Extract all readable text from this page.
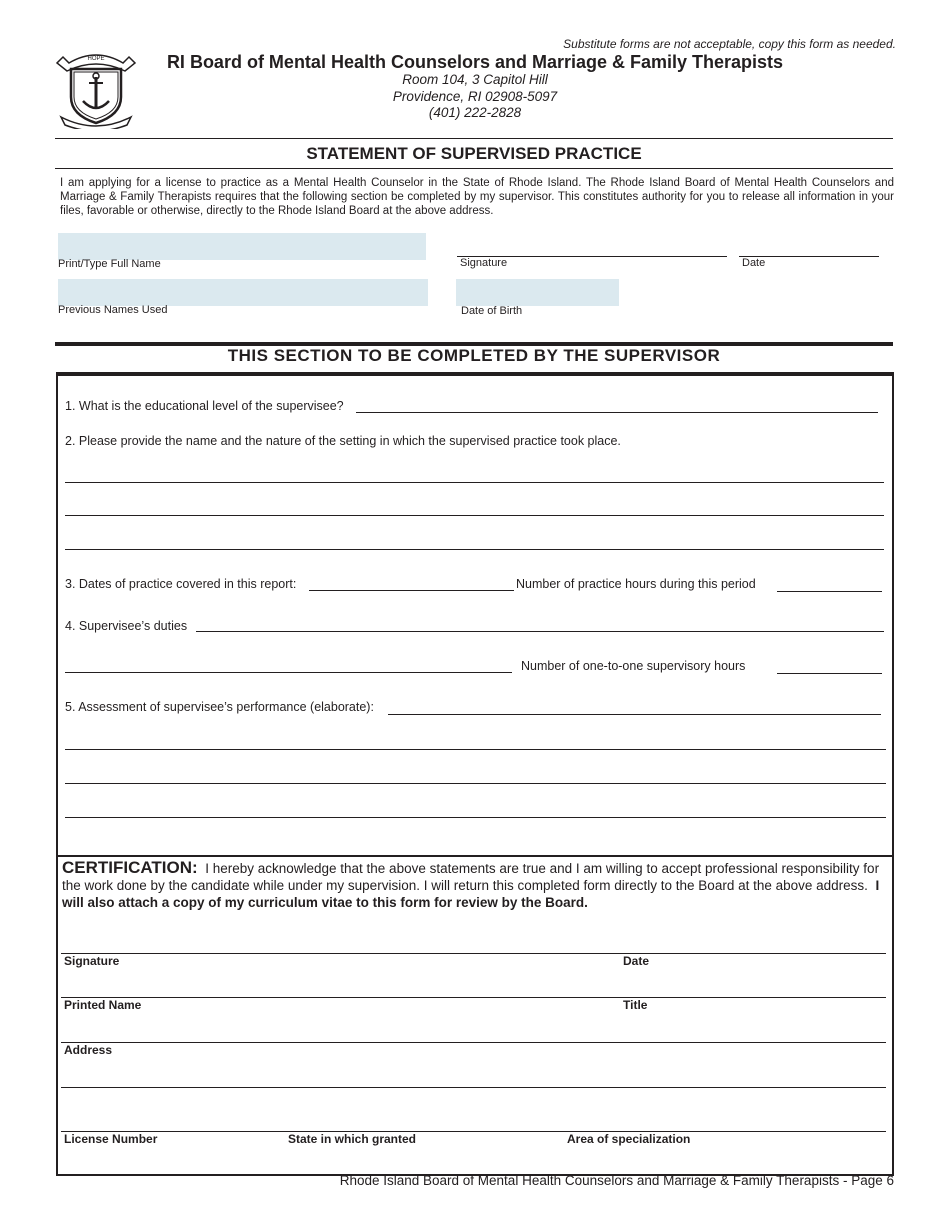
HOPE
Substitute forms are not acceptable, copy this form as needed.
RI Board of Mental Health Counselors and Marriage & Family Therapists
Room 104, 3 Capitol Hill
Providence, RI 02908-5097
(401) 222-2828
STATEMENT OF SUPERVISED PRACTICE
I am applying for a license to practice as a Mental Health Counselor in the State of Rhode Island. The Rhode Island Board of Mental Health Counselors and Marriage & Family Therapists requires that the following section be completed by my supervisor. This constitutes authority for you to release all information in your files, favorable or otherwise, directly to the Rhode Island Board at the above address.
Print/Type Full Name	Signature	Date
Previous Names Used	Date of Birth
THIS SECTION TO BE COMPLETED BY THE SUPERVISOR
1. What is the educational level of the supervisee?
2. Please provide the name and the nature of the setting in which the supervised practice took place.
3. Dates of practice covered in this report:	Number of practice hours during this period
4. Supervisee’s duties
Number of one-to-one supervisory hours
5. Assessment of supervisee’s performance (elaborate):
CERTIFICATION: I hereby acknowledge that the above statements are true and I am willing to accept professional responsibility for the work done by the candidate while under my supervision. I will return this completed form directly to the Board at the above address. I will also attach a copy of my curriculum vitae to this form for review by the Board.
Signature	Date
Printed Name	Title
Address
License Number	State in which granted	Area of specialization
Rhode Island Board of Mental Health Counselors and Marriage & Family Therapists - Page 6
